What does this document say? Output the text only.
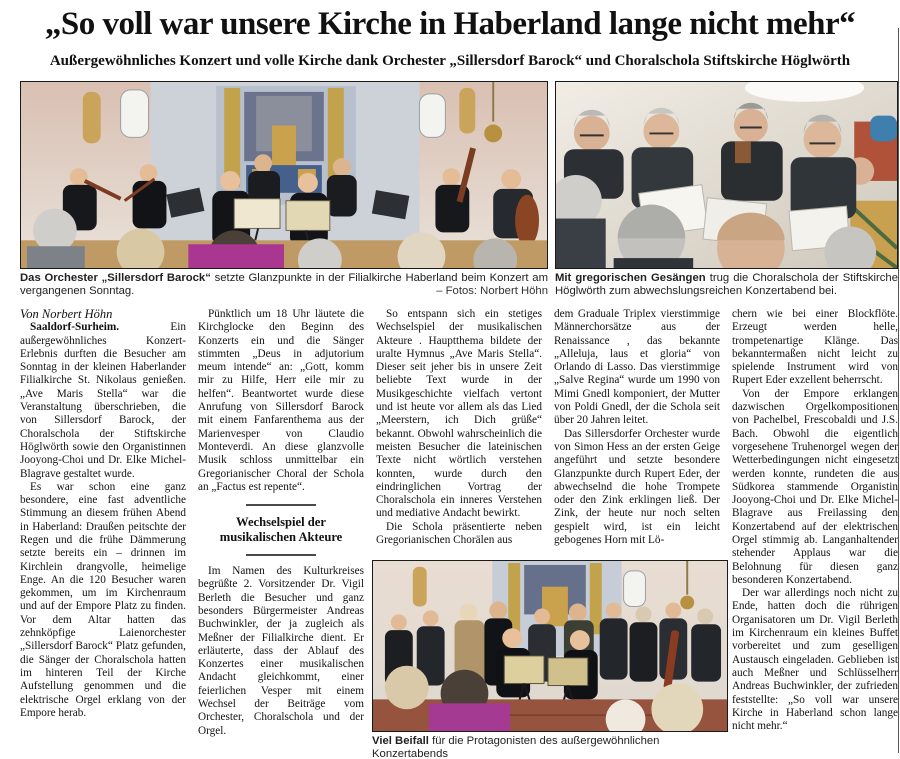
„So voll war unsere Kirche in Haberland lange nicht mehr“
Außergewöhnliches Konzert und volle Kirche dank Orchester „Sillersdorf Barock“ und Choralschola Stiftskirche Höglwörth
Das Orchester „Sillersdorf Barock“ setzte Glanzpunkte in der Filialkirche Haberland beim Konzert am vergangenen Sonntag.	– Fotos: Norbert Höhn
Mit gregorischen Gesängen trug die Choralschola der Stiftskirche Höglwörth zum abwechslungsreichen Konzertabend bei.

Von Norbert Höhn

Saaldorf-Surheim. Ein außergewöhnliches Konzert-Erlebnis durften die Besucher am Sonntag in der kleinen Haberlander Filialkirche St. Nikolaus genießen. „Ave Maris Stella“ war die Veranstaltung überschrieben, die von Sillersdorf Barock, der Choralschola der Stiftskirche Höglwörth sowie den Organistinnen Jooyong-Choi und Dr. Elke Michel-Blagrave gestaltet wurde.

Es war schon eine ganz besondere, eine fast adventliche Stimmung an diesem frühen Abend in Haberland: Draußen peitschte der Regen und die frühe Dämmerung setzte bereits ein – drinnen im Kirchlein drangvolle, heimelige Enge. An die 120 Besucher waren gekommen, um im Kirchenraum und auf der Empore Platz zu finden. Vor dem Altar hatten das zehnköpfige Laienorchester „Sillersdorf Barock“ Platz gefunden, die Sänger der Choralschola hatten im hinteren Teil der Kirche Aufstellung genommen und die elektrische Orgel erklang von der Empore herab.

Pünktlich um 18 Uhr läutete die Kirchglocke den Beginn des Konzerts ein und die Sänger stimmten „Deus in adjutorium meum intende“ an: „Gott, komm mir zu Hilfe, Herr eile mir zu helfen“. Beantwortet wurde diese Anrufung von Sillersdorf Barock mit einem Fanfarenthema aus der Marienvesper von Claudio Monteverdi. An diese glanzvolle Musik schloss unmittelbar ein Gregorianischer Choral der Schola an „Factus est repente“.

Wechselspiel der
musikalischen Akteure

Im Namen des Kulturkreises begrüßte 2. Vorsitzender Dr. Vigil Berleth die Besucher und ganz besonders Bürgermeister Andreas Buchwinkler, der ja zugleich als Meßner der Filialkirche dient. Er erläuterte, dass der Ablauf des Konzertes einer musikalischen Andacht gleichkommt, einer feierlichen Vesper mit einem Wechsel der Beiträge vom Orchester, Choralschola und der Orgel.

So entspann sich ein stetiges Wechselspiel der musikalischen Akteure . Hauptthema bildete der uralte Hymnus „Ave Maris Stella“. Dieser seit jeher bis in unsere Zeit beliebte Text wurde in der Musikgeschichte vielfach vertont und ist heute vor allem als das Lied „Meerstern, ich Dich grüße“ bekannt. Obwohl wahrscheinlich die meisten Besucher die lateinischen Texte nicht wörtlich verstehen konnten, wurde durch den eindringlichen Vortrag der Choralschola ein inneres Verstehen und mediative Andacht bewirkt.

Die Schola präsentierte neben Gregorianischen Chorälen aus

dem Graduale Triplex vierstimmige Männerchorsätze aus der Renaissance , das bekannte „Alleluja, laus et gloria“ von Orlando di Lasso. Das vierstimmige „Salve Regina“ wurde um 1990 von Mimi Gnedl komponiert, der Mutter von Poldi Gnedl, der die Schola seit über 20 Jahren leitet.

Das Sillersdorfer Orchester wurde von Simon Hess an der ersten Geige angeführt und setzte besondere Glanzpunkte durch Rupert Eder, der abwechselnd die hohe Trompete oder den Zink erklingen ließ. Der Zink, der heute nur noch selten gespielt wird, ist ein leicht gebogenes Horn mit Lö-

chern wie bei einer Blockflöte. Erzeugt werden helle, trompetenartige Klänge. Das bekanntermaßen nicht leicht zu spielende Instrument wird von Rupert Eder exzellent beherrscht.

Von der Empore erklangen dazwischen Orgelkompositionen von Pachelbel, Frescobaldi und J.S. Bach. Obwohl die eigentlich vorgesehene Truhenorgel wegen der Wetterbedingungen nicht eingesetzt werden konnte, rundeten die aus Südkorea stammende Organistin Jooyong-Choi und Dr. Elke Michel-Blagrave aus Freilassing den Konzertabend auf der elektrischen Orgel stimmig ab. Langanhaltender stehender Applaus war die Belohnung für diesen ganz besonderen Konzertabend.

Der war allerdings noch nicht zu Ende, hatten doch die rührigen Organisatoren um Dr. Vigil Berleth im Kirchenraum ein kleines Buffet vorbereitet und zum geselligen Austausch eingeladen. Geblieben ist auch Meßner und Schlüsselherr Andreas Buchwinkler, der zufrieden feststellte: „So voll war unsere Kirche in Haberland schon lange nicht mehr.“

Viel Beifall für die Protagonisten des außergewöhnlichen Konzertabends
